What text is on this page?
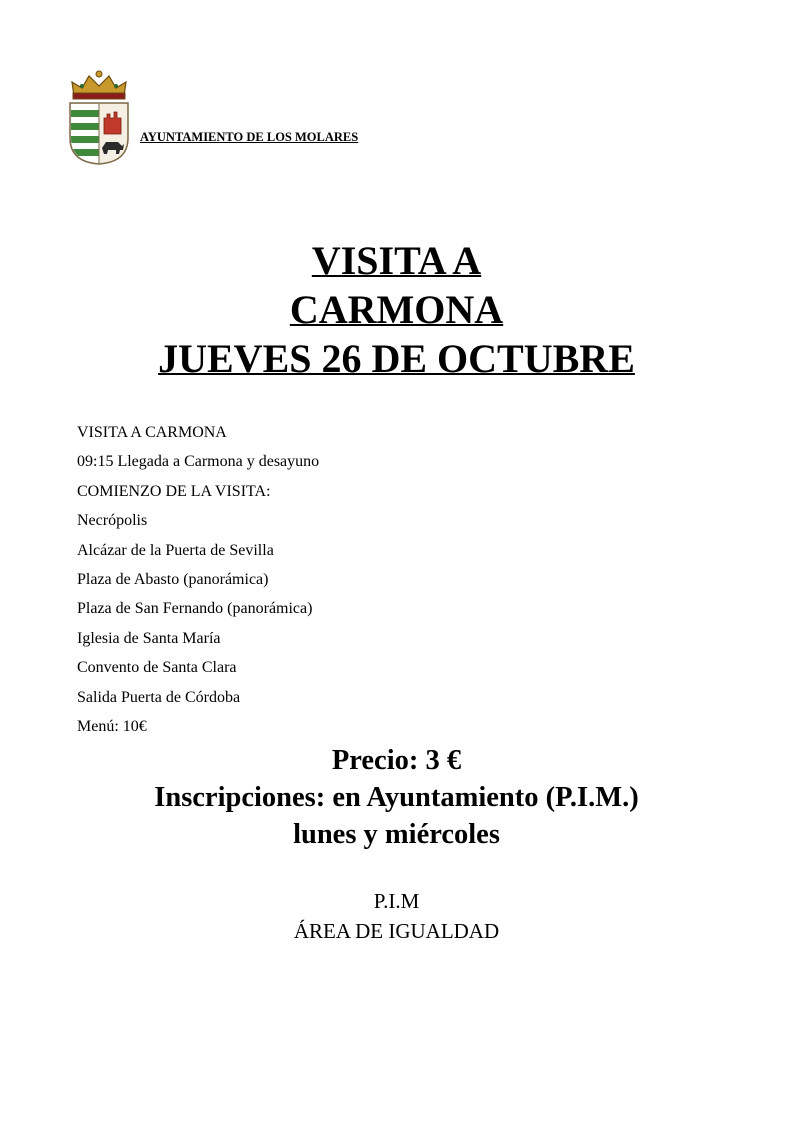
AYUNTAMIENTO DE LOS MOLARES
VISITA A
CARMONA
JUEVES 26 DE OCTUBRE
VISITA A CARMONA
09:15 Llegada a Carmona y desayuno
COMIENZO DE LA VISITA:
Necrópolis
Alcázar de la Puerta de Sevilla
Plaza de Abasto (panorámica)
Plaza de San Fernando (panorámica)
Iglesia de Santa María
Convento de Santa Clara
Salida Puerta de Córdoba
Menú: 10€
Precio: 3 €
Inscripciones: en Ayuntamiento (P.I.M.)
lunes y miércoles
P.I.M
ÁREA DE IGUALDAD
